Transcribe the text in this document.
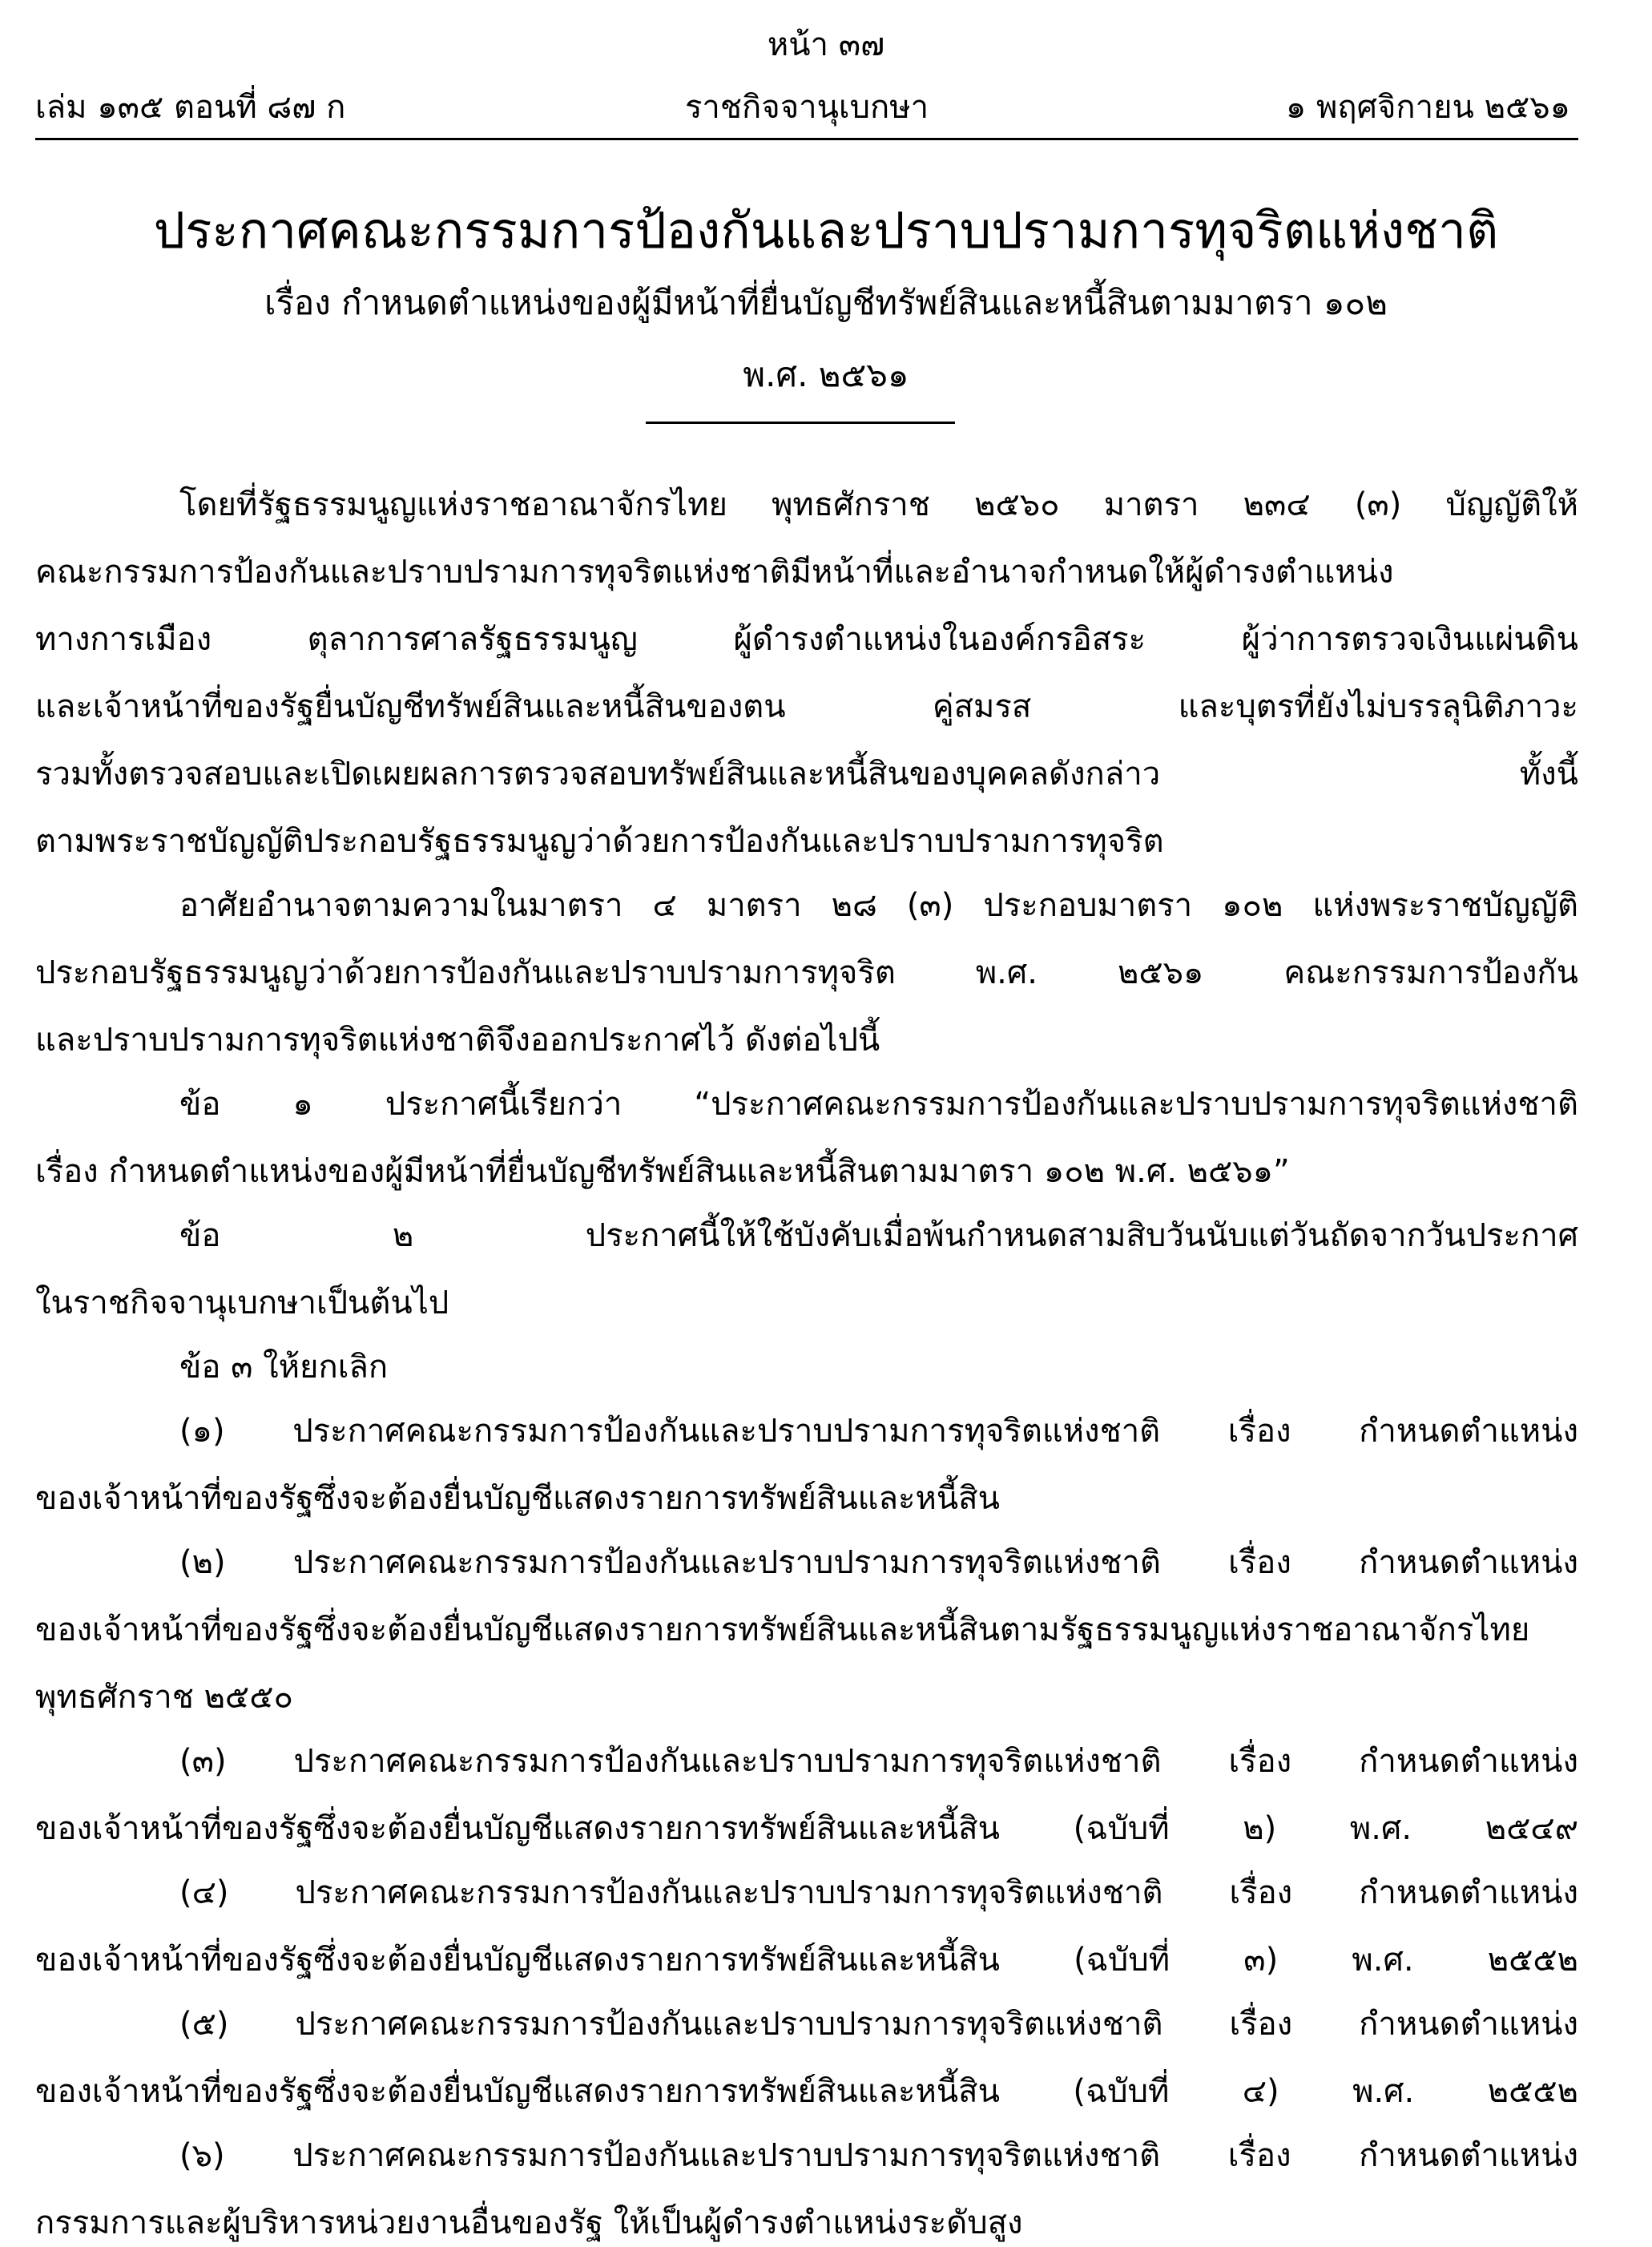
หน้า ๓๗
เล่ม ๑๓๕ ตอนที่ ๘๗ ก	ราชกิจจานุเบกษา	๑ พฤศจิกายน ๒๕๖๑
ประกาศคณะกรรมการป้องกันและปราบปรามการทุจริตแห่งชาติ
เรื่อง กำหนดตำแหน่งของผู้มีหน้าที่ยื่นบัญชีทรัพย์สินและหนี้สินตามมาตรา ๑๐๒
พ.ศ. ๒๕๖๑
โดยที่รัฐธรรมนูญแห่งราชอาณาจักรไทย พุทธศักราช ๒๕๖๐ มาตรา ๒๓๔ (๓) บัญญัติให้
คณะกรรมการป้องกันและปราบปรามการทุจริตแห่งชาติมีหน้าที่และอำนาจกำหนดให้ผู้ดำรงตำแหน่ง
ทางการเมือง ตุลาการศาลรัฐธรรมนูญ ผู้ดำรงตำแหน่งในองค์กรอิสระ ผู้ว่าการตรวจเงินแผ่นดิน
และเจ้าหน้าที่ของรัฐยื่นบัญชีทรัพย์สินและหนี้สินของตน คู่สมรส และบุตรที่ยังไม่บรรลุนิติภาวะ
รวมทั้งตรวจสอบและเปิดเผยผลการตรวจสอบทรัพย์สินและหนี้สินของบุคคลดังกล่าว ทั้งนี้
ตามพระราชบัญญัติประกอบรัฐธรรมนูญว่าด้วยการป้องกันและปราบปรามการทุจริต
อาศัยอำนาจตามความในมาตรา ๔ มาตรา ๒๘ (๓) ประกอบมาตรา ๑๐๒ แห่งพระราชบัญญัติ
ประกอบรัฐธรรมนูญว่าด้วยการป้องกันและปราบปรามการทุจริต พ.ศ. ๒๕๖๑ คณะกรรมการป้องกัน
และปราบปรามการทุจริตแห่งชาติจึงออกประกาศไว้ ดังต่อไปนี้
ข้อ ๑ ประกาศนี้เรียกว่า “ประกาศคณะกรรมการป้องกันและปราบปรามการทุจริตแห่งชาติ
เรื่อง กำหนดตำแหน่งของผู้มีหน้าที่ยื่นบัญชีทรัพย์สินและหนี้สินตามมาตรา ๑๐๒ พ.ศ. ๒๕๖๑”
ข้อ ๒ ประกาศนี้ให้ใช้บังคับเมื่อพ้นกำหนดสามสิบวันนับแต่วันถัดจากวันประกาศ
ในราชกิจจานุเบกษาเป็นต้นไป
ข้อ ๓ ให้ยกเลิก
(๑) ประกาศคณะกรรมการป้องกันและปราบปรามการทุจริตแห่งชาติ เรื่อง กำหนดตำแหน่ง
ของเจ้าหน้าที่ของรัฐซึ่งจะต้องยื่นบัญชีแสดงรายการทรัพย์สินและหนี้สิน
(๒) ประกาศคณะกรรมการป้องกันและปราบปรามการทุจริตแห่งชาติ เรื่อง กำหนดตำแหน่ง
ของเจ้าหน้าที่ของรัฐซึ่งจะต้องยื่นบัญชีแสดงรายการทรัพย์สินและหนี้สินตามรัฐธรรมนูญแห่งราชอาณาจักรไทย
พุทธศักราช ๒๕๕๐
(๓) ประกาศคณะกรรมการป้องกันและปราบปรามการทุจริตแห่งชาติ เรื่อง กำหนดตำแหน่ง
ของเจ้าหน้าที่ของรัฐซึ่งจะต้องยื่นบัญชีแสดงรายการทรัพย์สินและหนี้สิน (ฉบับที่ ๒) พ.ศ. ๒๕๔๙
(๔) ประกาศคณะกรรมการป้องกันและปราบปรามการทุจริตแห่งชาติ เรื่อง กำหนดตำแหน่ง
ของเจ้าหน้าที่ของรัฐซึ่งจะต้องยื่นบัญชีแสดงรายการทรัพย์สินและหนี้สิน (ฉบับที่ ๓) พ.ศ. ๒๕๕๒
(๕) ประกาศคณะกรรมการป้องกันและปราบปรามการทุจริตแห่งชาติ เรื่อง กำหนดตำแหน่ง
ของเจ้าหน้าที่ของรัฐซึ่งจะต้องยื่นบัญชีแสดงรายการทรัพย์สินและหนี้สิน (ฉบับที่ ๔) พ.ศ. ๒๕๕๒
(๖) ประกาศคณะกรรมการป้องกันและปราบปรามการทุจริตแห่งชาติ เรื่อง กำหนดตำแหน่ง
กรรมการและผู้บริหารหน่วยงานอื่นของรัฐ ให้เป็นผู้ดำรงตำแหน่งระดับสูง
